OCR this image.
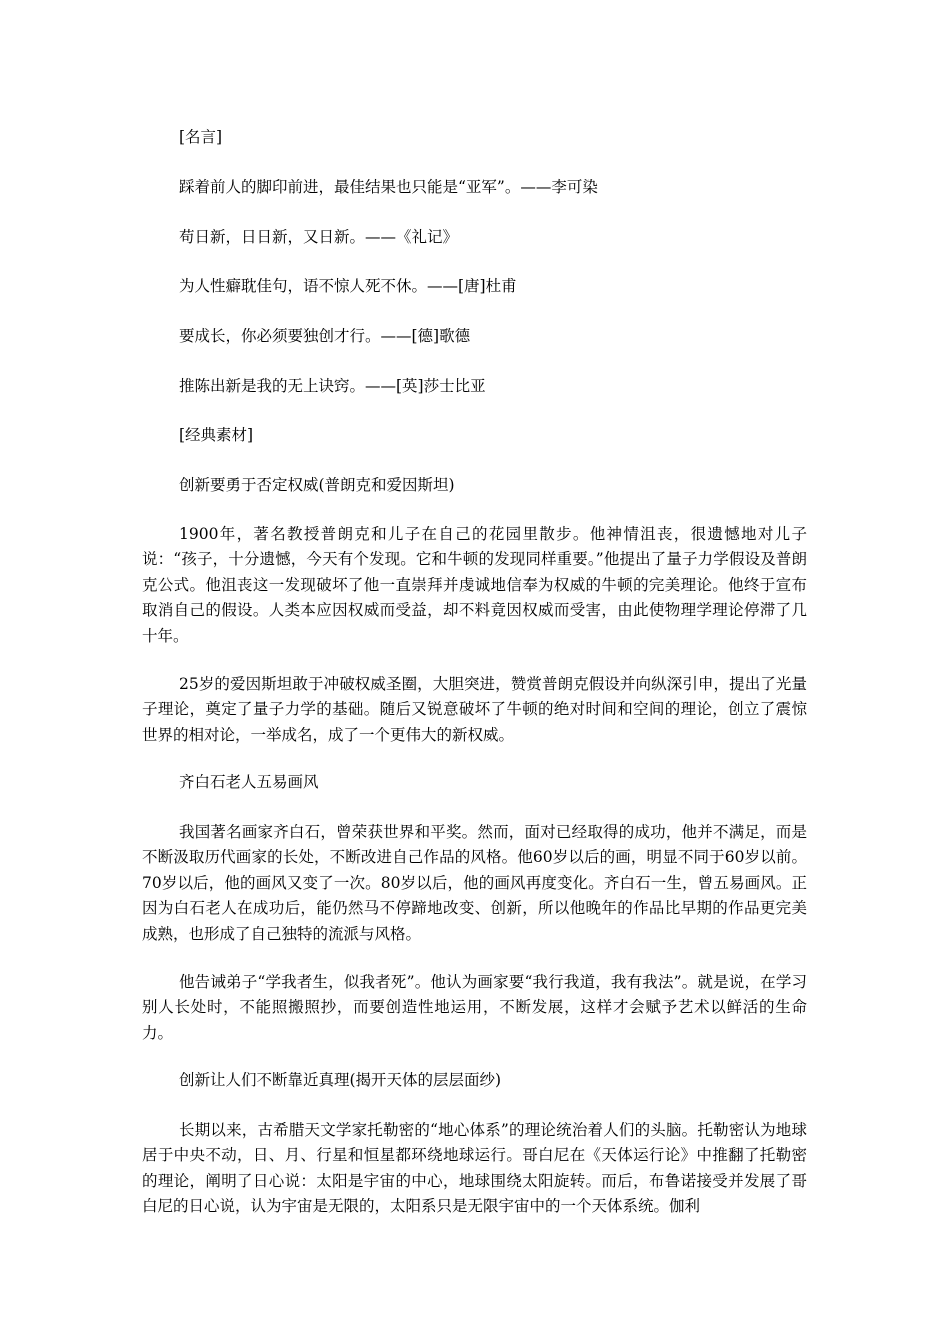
[名言]

踩着前人的脚印前进，最佳结果也只能是“亚军”。——李可染

苟日新，日日新，又日新。——《礼记》

为人性癖耽佳句，语不惊人死不休。——[唐]杜甫

要成长，你必须要独创才行。——[德]歌德

推陈出新是我的无上诀窍。——[英]莎士比亚

[经典素材]

创新要勇于否定权威(普朗克和爱因斯坦)

1900年，著名教授普朗克和儿子在自己的花园里散步。他神情沮丧，很遗憾地对儿子说：“孩子，十分遗憾，今天有个发现。它和牛顿的发现同样重要。”他提出了量子力学假设及普朗克公式。他沮丧这一发现破坏了他一直崇拜并虔诚地信奉为权威的牛顿的完美理论。他终于宣布取消自己的假设。人类本应因权威而受益，却不料竟因权威而受害，由此使物理学理论停滞了几十年。

25岁的爱因斯坦敢于冲破权威圣圈，大胆突进，赞赏普朗克假设并向纵深引申，提出了光量子理论，奠定了量子力学的基础。随后又锐意破坏了牛顿的绝对时间和空间的理论，创立了震惊世界的相对论，一举成名，成了一个更伟大的新权威。

齐白石老人五易画风

我国著名画家齐白石，曾荣获世界和平奖。然而，面对已经取得的成功，他并不满足，而是不断汲取历代画家的长处，不断改进自己作品的风格。他60岁以后的画，明显不同于60岁以前。70岁以后，他的画风又变了一次。80岁以后，他的画风再度变化。齐白石一生，曾五易画风。正因为白石老人在成功后，能仍然马不停蹄地改变、创新，所以他晚年的作品比早期的作品更完美成熟，也形成了自己独特的流派与风格。

他告诫弟子“学我者生，似我者死”。他认为画家要“我行我道，我有我法”。就是说，在学习别人长处时，不能照搬照抄，而要创造性地运用，不断发展，这样才会赋予艺术以鲜活的生命力。

创新让人们不断靠近真理(揭开天体的层层面纱)

长期以来，古希腊天文学家托勒密的“地心体系”的理论统治着人们的头脑。托勒密认为地球居于中央不动，日、月、行星和恒星都环绕地球运行。哥白尼在《天体运行论》中推翻了托勒密的理论，阐明了日心说：太阳是宇宙的中心，地球围绕太阳旋转。而后，布鲁诺接受并发展了哥白尼的日心说，认为宇宙是无限的，太阳系只是无限宇宙中的一个天体系统。伽利
